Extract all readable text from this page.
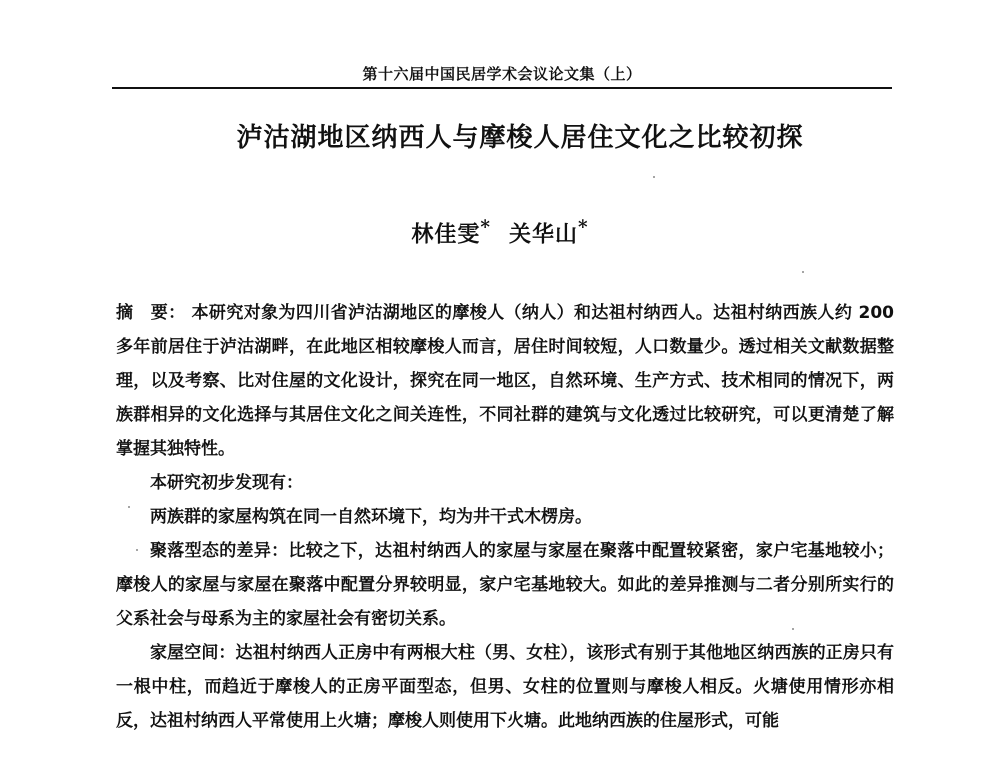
第十六届中国民居学术会议论文集（上）
泸沽湖地区纳西人与摩梭人居住文化之比较初探
林佳雯* 关华山*

摘　要： 本研究对象为四川省泸沽湖地区的摩梭人（纳人）和达祖村纳西人。达祖村纳西族人约 200 多年前居住于泸沽湖畔，在此地区相较摩梭人而言，居住时间较短，人口数量少。透过相关文献数据整理，以及考察、比对住屋的文化设计，探究在同一地区，自然环境、生产方式、技术相同的情况下，两族群相异的文化选择与其居住文化之间关连性，不同社群的建筑与文化透过比较研究，可以更清楚了解掌握其独特性。

本研究初步发现有：

两族群的家屋构筑在同一自然环境下，均为井干式木楞房。

聚落型态的差异：比较之下，达祖村纳西人的家屋与家屋在聚落中配置较紧密，家户宅基地较小；摩梭人的家屋与家屋在聚落中配置分界较明显，家户宅基地较大。如此的差异推测与二者分别所实行的父系社会与母系为主的家屋社会有密切关系。

家屋空间：达祖村纳西人正房中有两根大柱（男、女柱），该形式有别于其他地区纳西族的正房只有一根中柱，而趋近于摩梭人的正房平面型态，但男、女柱的位置则与摩梭人相反。火塘使用情形亦相反，达祖村纳西人平常使用上火塘；摩梭人则使用下火塘。此地纳西族的住屋形式，可能
